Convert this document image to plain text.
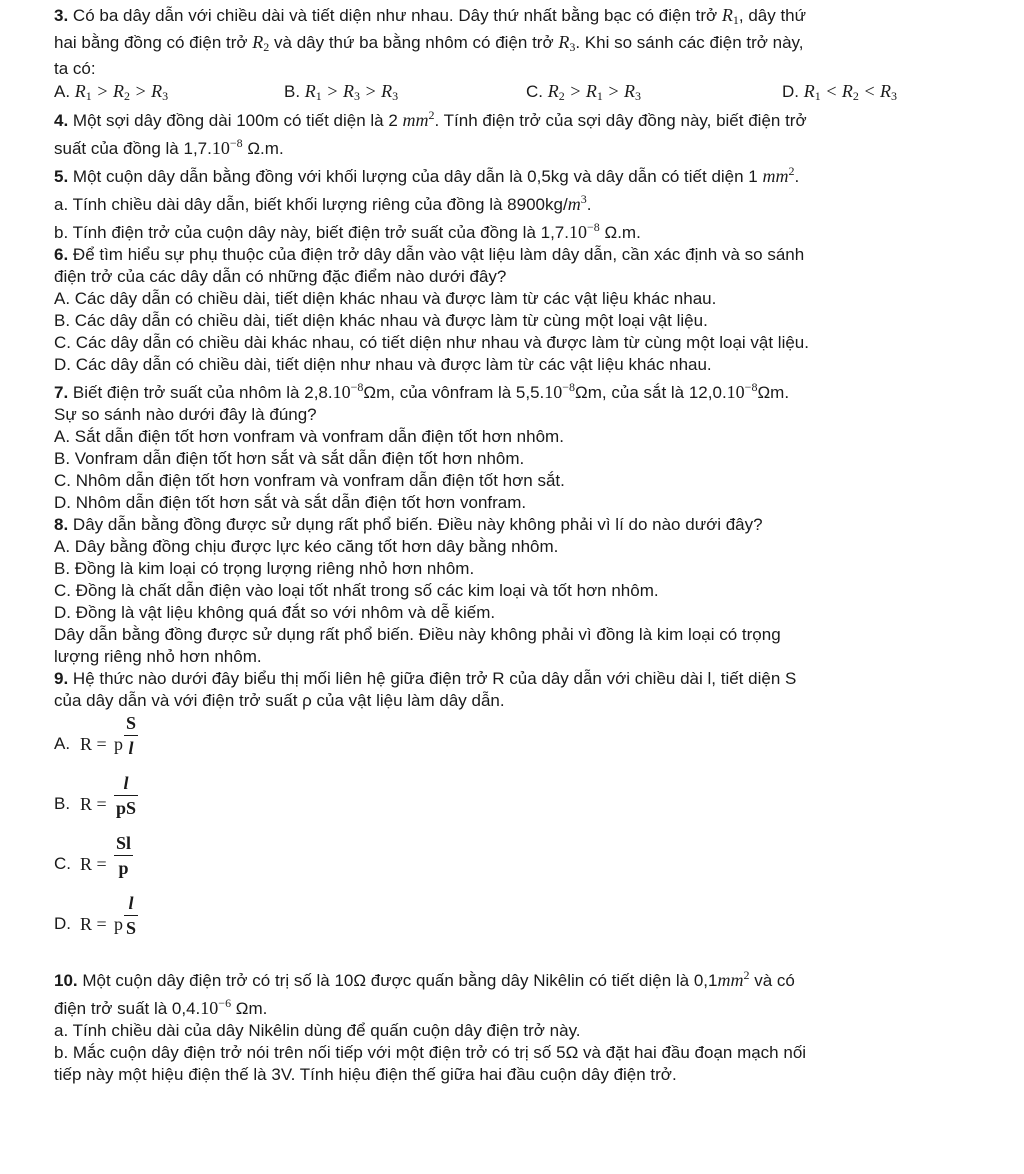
3. Có ba dây dẫn với chiều dài và tiết diện như nhau. Dây thứ nhất bằng bạc có điện trở $R_1$, dây thứ
hai bằng đồng có điện trở $R_2$ và dây thứ ba bằng nhôm có điện trở $R_3$. Khi so sánh các điện trở này,
ta có:
A. $R_1 > R_2 > R_3$	B. $R_1 > R_3 > R_3$	C. $R_2 > R_1 > R_3$	D. $R_1 < R_2 < R_3$
4. Một sợi dây đồng dài 100m có tiết diện là 2 $mm^2$. Tính điện trở của sợi dây đồng này, biết điện trở
suất của đồng là $1,7.10^{-8}$ Ω.m.
5. Một cuộn dây dẫn bằng đồng với khối lượng của dây dẫn là 0,5kg và dây dẫn có tiết diện 1 $mm^2$.
a. Tính chiều dài dây dẫn, biết khối lượng riêng của đồng là $8900kg/m^3$.
b. Tính điện trở của cuộn dây này, biết điện trở suất của đồng là $1,7.10^{-8}$ Ω.m.
6. Để tìm hiểu sự phụ thuộc của điện trở dây dẫn vào vật liệu làm dây dẫn, cần xác định và so sánh
điện trở của các dây dẫn có những đặc điểm nào dưới đây?
A. Các dây dẫn có chiều dài, tiết diện khác nhau và được làm từ các vật liệu khác nhau.
B. Các dây dẫn có chiều dài, tiết diện khác nhau và được làm từ cùng một loại vật liệu.
C. Các dây dẫn có chiều dài khác nhau, có tiết diện như nhau và được làm từ cùng một loại vật liệu.
D. Các dây dẫn có chiều dài, tiết diện như nhau và được làm từ các vật liệu khác nhau.
7. Biết điện trở suất của nhôm là $2,8.10^{-8}\Omega m$, của vônfram là $5,5.10^{-8}\Omega m$, của sắt là $12,0.10^{-8}\Omega m$.
Sự so sánh nào dưới đây là đúng?
A. Sắt dẫn điện tốt hơn vonfram và vonfram dẫn điện tốt hơn nhôm.
B. Vonfram dẫn điện tốt hơn sắt và sắt dẫn điện tốt hơn nhôm.
C. Nhôm dẫn điện tốt hơn vonfram và vonfram dẫn điện tốt hơn sắt.
D. Nhôm dẫn điện tốt hơn sắt và sắt dẫn điện tốt hơn vonfram.
8. Dây dẫn bằng đồng được sử dụng rất phổ biến. Điều này không phải vì lí do nào dưới đây?
A. Dây bằng đồng chịu được lực kéo căng tốt hơn dây bằng nhôm.
B. Đồng là kim loại có trọng lượng riêng nhỏ hơn nhôm.
C. Đồng là chất dẫn điện vào loại tốt nhất trong số các kim loại và tốt hơn nhôm.
D. Đồng là vật liệu không quá đắt so với nhôm và dễ kiếm.
Dây dẫn bằng đồng được sử dụng rất phổ biến. Điều này không phải vì đồng là kim loại có trọng
lượng riêng nhỏ hơn nhôm.
9. Hệ thức nào dưới đây biểu thị mối liên hệ giữa điện trở R của dây dẫn với chiều dài l, tiết diện S
của dây dẫn và với điện trở suất ρ của vật liệu làm dây dẫn.
A. R = p
S
l
B. R =
l
pS
C. R =
Sl
p
D. R = p
l
S
10. Một cuộn dây điện trở có trị số là 10Ω được quấn bằng dây Nikêlin có tiết diện là $0,1mm^2$ và có
điện trở suất là $0,4.10^{-6}$ Ωm.
a. Tính chiều dài của dây Nikêlin dùng để quấn cuộn dây điện trở này.
b. Mắc cuộn dây điện trở nói trên nối tiếp với một điện trở có trị số 5Ω và đặt hai đầu đoạn mạch nối
tiếp này một hiệu điện thế là 3V. Tính hiệu điện thế giữa hai đầu cuộn dây điện trở.
